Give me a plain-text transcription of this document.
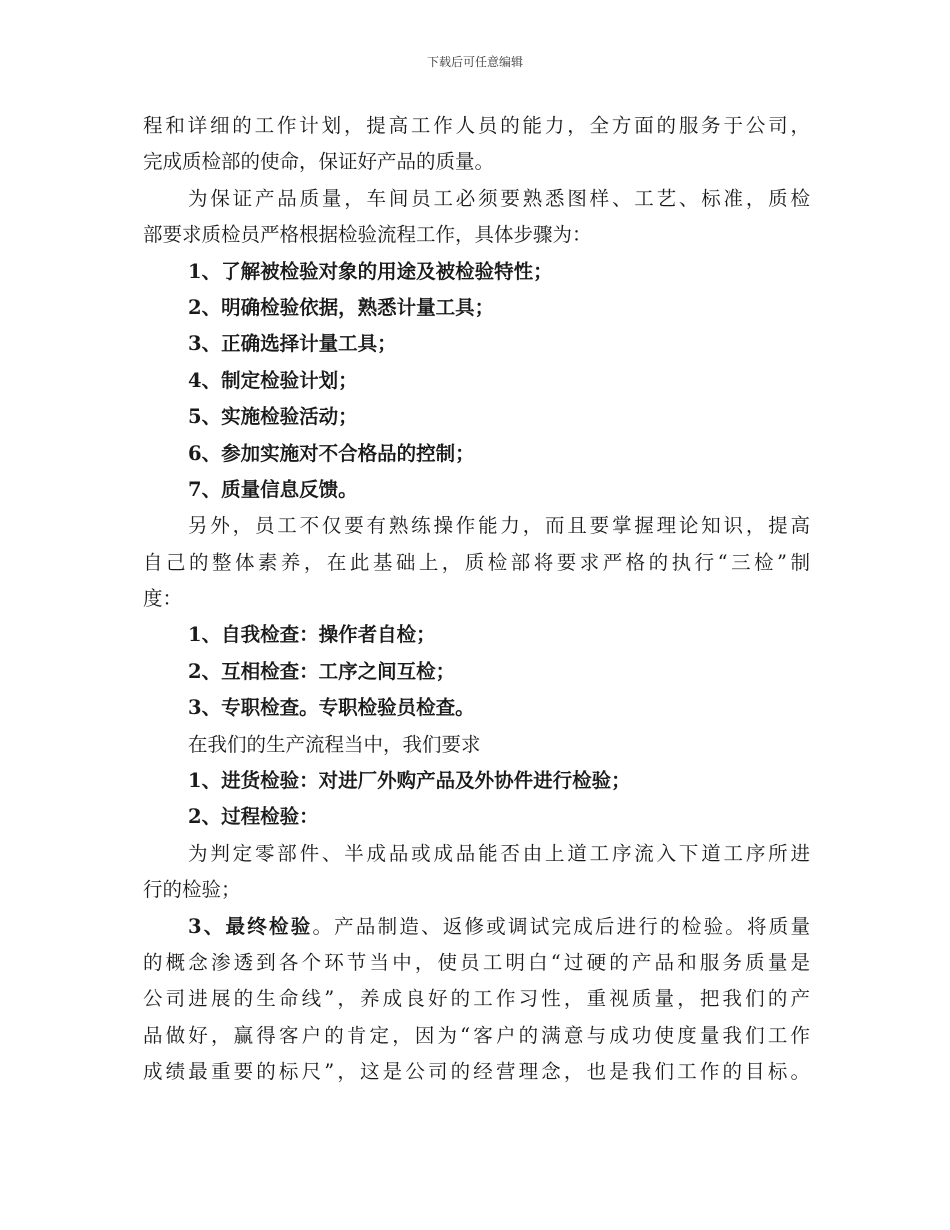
下载后可任意编辑
程和详细的工作计划，提高工作人员的能力，全方面的服务于公司，
完成质检部的使命，保证好产品的质量。
为保证产品质量，车间员工必须要熟悉图样、工艺、标准，质检
部要求质检员严格根据检验流程工作，具体步骤为：
1、了解被检验对象的用途及被检验特性；
2、明确检验依据，熟悉计量工具；
3、正确选择计量工具；
4、制定检验计划；
5、实施检验活动；
6、参加实施对不合格品的控制；
7、质量信息反馈。
另外，员工不仅要有熟练操作能力，而且要掌握理论知识，提高
自己的整体素养，在此基础上，质检部将要求严格的执行“三检”制
度：
1、自我检查：操作者自检；
2、互相检查：工序之间互检；
3、专职检查。专职检验员检查。
在我们的生产流程当中，我们要求
1、进货检验：对进厂外购产品及外协件进行检验；
2、过程检验：
为判定零部件、半成品或成品能否由上道工序流入下道工序所进
行的检验；
3、最终检验。产品制造、返修或调试完成后进行的检验。将质量
的概念渗透到各个环节当中，使员工明白“过硬的产品和服务质量是
公司进展的生命线”，养成良好的工作习性，重视质量，把我们的产
品做好，赢得客户的肯定，因为“客户的满意与成功使度量我们工作
成绩最重要的标尺”，这是公司的经营理念，也是我们工作的目标。
